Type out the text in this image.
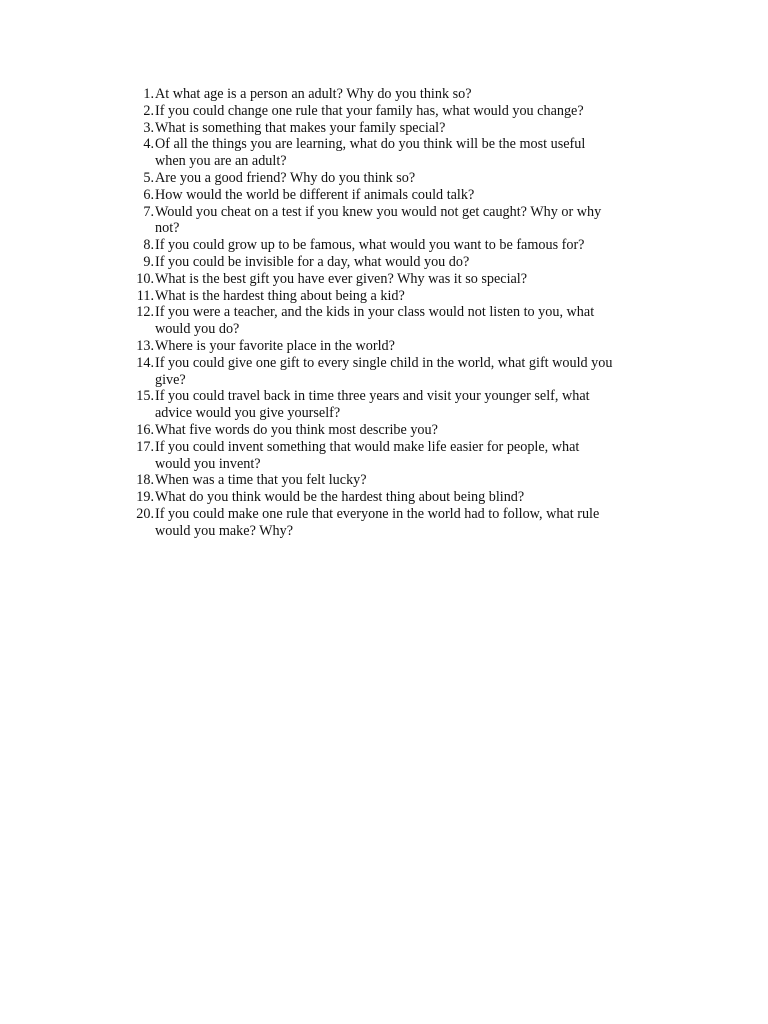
1. At what age is a person an adult? Why do you think so?
2. If you could change one rule that your family has, what would you change?
3. What is something that makes your family special?
4. Of all the things you are learning, what do you think will be the most useful
when you are an adult?
5. Are you a good friend? Why do you think so?
6. How would the world be different if animals could talk?
7. Would you cheat on a test if you knew you would not get caught? Why or why
not?
8. If you could grow up to be famous, what would you want to be famous for?
9. If you could be invisible for a day, what would you do?
10. What is the best gift you have ever given? Why was it so special?
11. What is the hardest thing about being a kid?
12. If you were a teacher, and the kids in your class would not listen to you, what
would you do?
13. Where is your favorite place in the world?
14. If you could give one gift to every single child in the world, what gift would you
give?
15. If you could travel back in time three years and visit your younger self, what
advice would you give yourself?
16. What five words do you think most describe you?
17. If you could invent something that would make life easier for people, what
would you invent?
18. When was a time that you felt lucky?
19. What do you think would be the hardest thing about being blind?
20. If you could make one rule that everyone in the world had to follow, what rule
would you make? Why?
